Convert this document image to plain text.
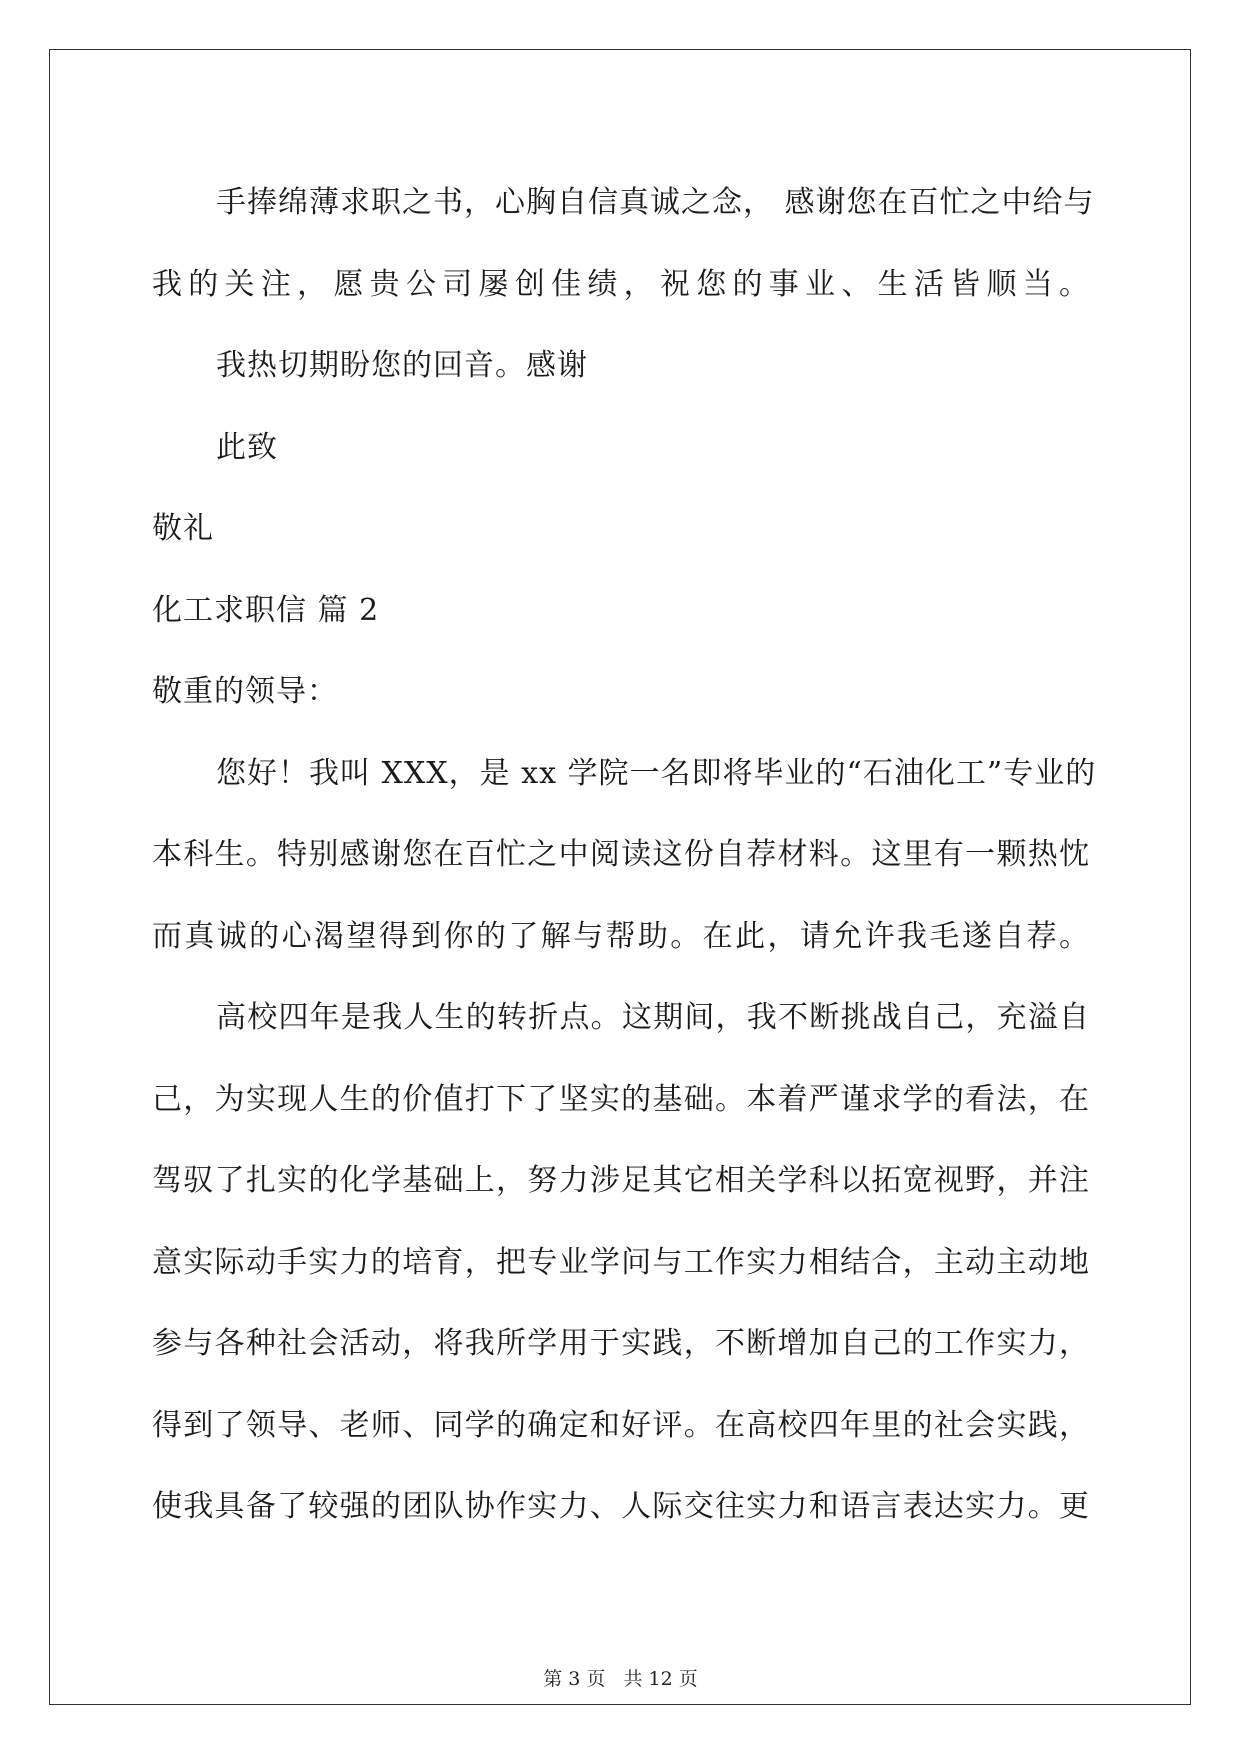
手捧绵薄求职之书，心胸自信真诚之念， 感谢您在百忙之中给与
我的关注，愿贵公司屡创佳绩，祝您的事业、生活皆顺当。
我热切期盼您的回音。感谢
此致
敬礼
化工求职信 篇 2
敬重的领导：
您好！我叫 XXX，是 xx 学院一名即将毕业的“石油化工”专业的
本科生。特别感谢您在百忙之中阅读这份自荐材料。这里有一颗热忱
而真诚的心渴望得到你的了解与帮助。在此，请允许我毛遂自荐。
高校四年是我人生的转折点。这期间，我不断挑战自己，充溢自
己，为实现人生的价值打下了坚实的基础。本着严谨求学的看法，在
驾驭了扎实的化学基础上，努力涉足其它相关学科以拓宽视野，并注
意实际动手实力的培育，把专业学问与工作实力相结合，主动主动地
参与各种社会活动，将我所学用于实践，不断增加自己的工作实力，
得到了领导、老师、同学的确定和好评。在高校四年里的社会实践，
使我具备了较强的团队协作实力、人际交往实力和语言表达实力。更
第 3 页 共 12 页
